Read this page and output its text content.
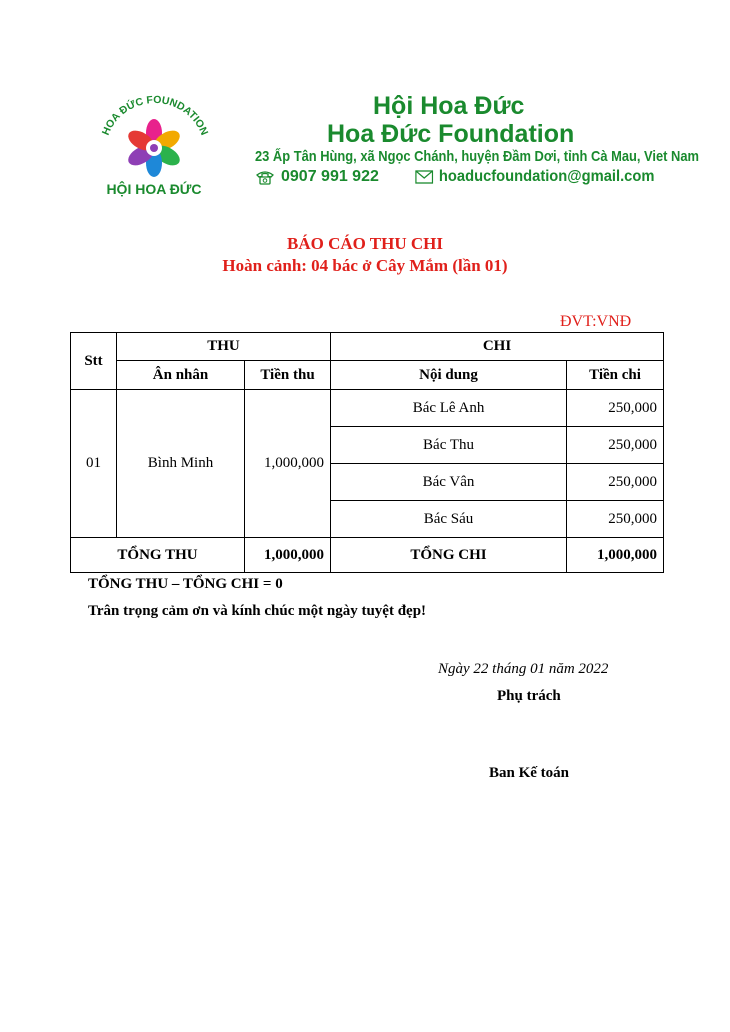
HOA ĐỨC FOUNDATION
HỘI HOA ĐỨC
Hội Hoa Đức
Hoa Đức Foundation
23 Ấp Tân Hùng, xã Ngọc Chánh, huyện Đầm Dơi, tỉnh Cà Mau, Viet Nam
0907 991 922	hoaducfoundation@gmail.com
BÁO CÁO THU CHI
Hoàn cảnh: 04 bác ở Cây Mắm (lần 01)
ĐVT:VNĐ
Stt	THU		CHI	
	Ân nhân	Tiền thu	Nội dung	Tiền chi
01	Bình Minh	1,000,000	Bác Lê Anh	250,000
			Bác Thu	250,000
			Bác Vân	250,000
			Bác Sáu	250,000
TỔNG THU		1,000,000	TỔNG CHI	1,000,000
TỔNG THU – TỔNG CHI = 0
Trân trọng cảm ơn và kính chúc một ngày tuyệt đẹp!
Ngày 22 tháng 01 năm 2022
Phụ trách
Ban Kế toán
